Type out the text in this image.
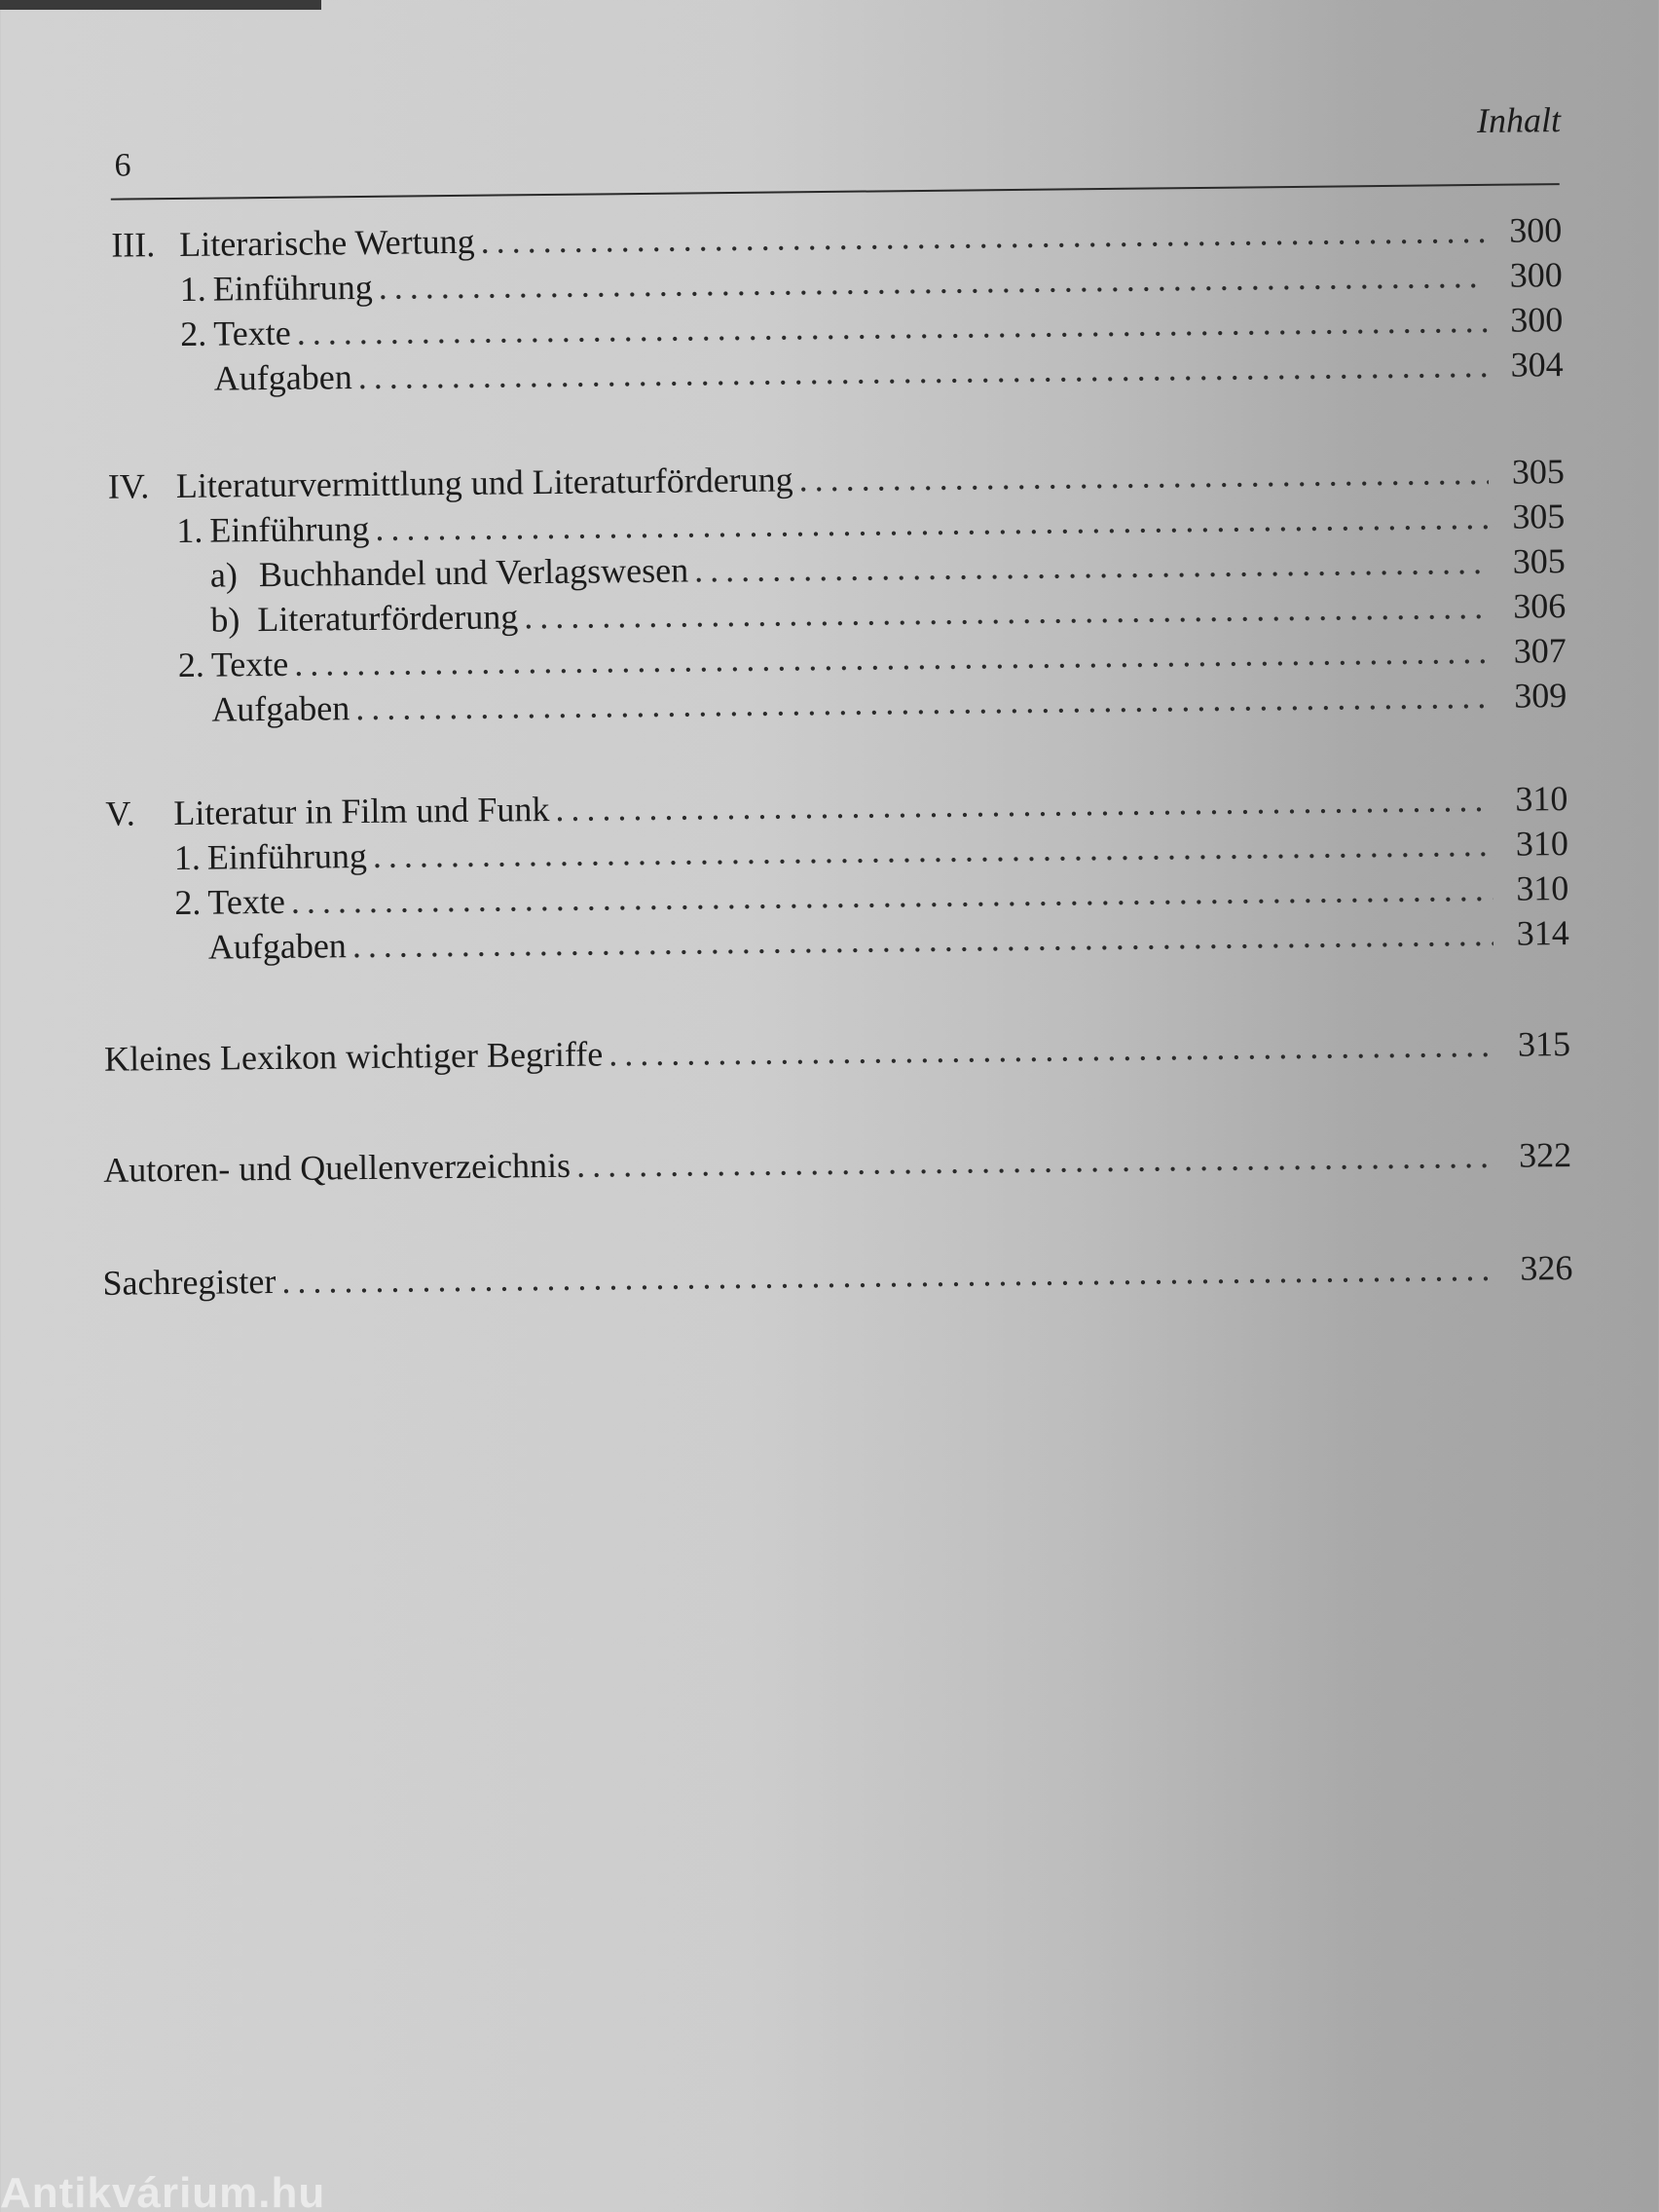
6
Inhalt
III. Literarische Wertung .....	300
1. Einführung .....	300
2. Texte .....	300
Aufgaben .....	304
IV. Literaturvermittlung und Literaturförderung .....	305
1. Einführung .....	305
a) Buchhandel und Verlagswesen .....	305
b) Literaturförderung .....	306
2. Texte .....	307
Aufgaben .....	309
V.	Literatur in Film und Funk .....	310
1. Einführung .....	310
2. Texte .....	310
Aufgaben .....	314
Kleines Lexikon wichtiger Begriffe .....	315
Autoren- und Quellenverzeichnis .....	322
Sachregister .....	326
Antikvárium.hu
